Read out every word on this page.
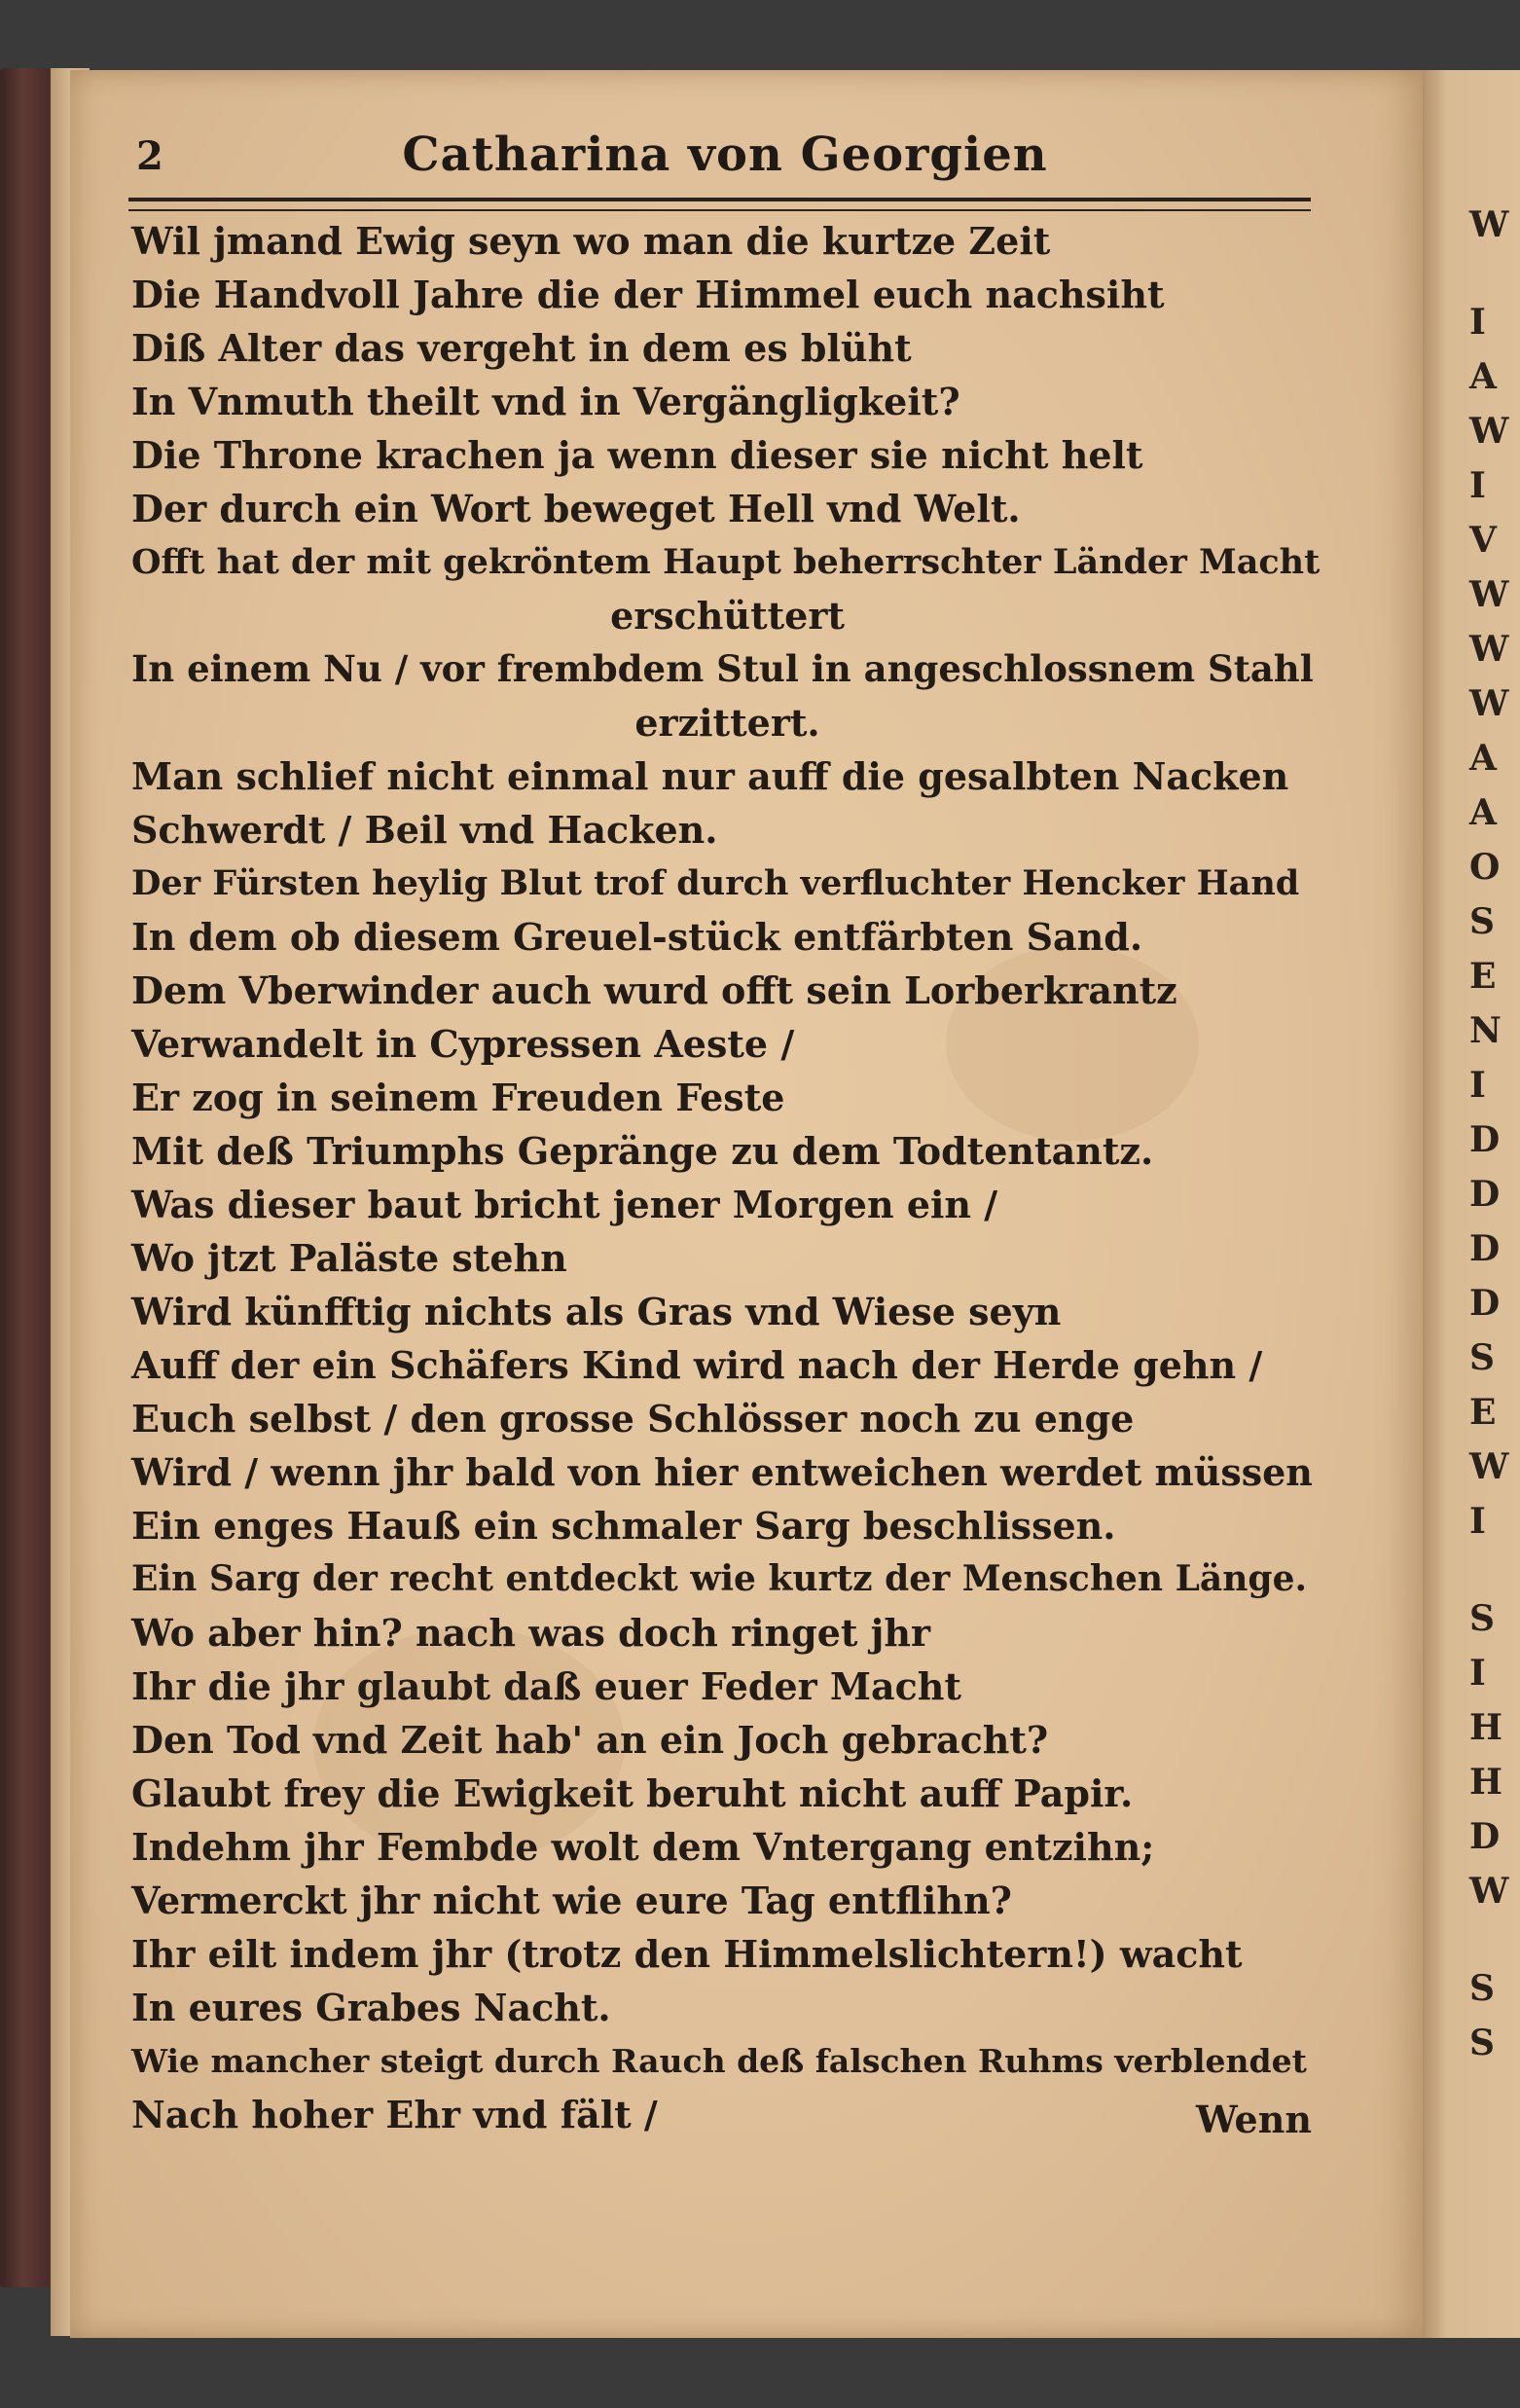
W
I
A
W
I
V
W
W
W
A
A
O
S
E
N
I
D
D
D
D
S
E
W
I
S
I
H
H
D
W
S
S
2	Catharina von Georgien
Wil jmand Ewig seyn wo man die kurtze Zeit
Die Handvoll Jahre die der Himmel euch nachsiht
Diß Alter das vergeht in dem es blüht
In Vnmuth theilt vnd in Vergängligkeit?
Die Throne krachen ja wenn dieser sie nicht helt
Der durch ein Wort beweget Hell vnd Welt.
Offt hat der mit gekröntem Haupt beherrschter Länder Macht
erschüttert
In einem Nu / vor frembdem Stul in angeschlossnem Stahl
erzittert.
Man schlief nicht einmal nur auff die gesalbten Nacken
Schwerdt / Beil vnd Hacken.
Der Fürsten heylig Blut trof durch verfluchter Hencker Hand
In dem ob diesem Greuel-stück entfärbten Sand.
Dem Vberwinder auch wurd offt sein Lorberkrantz
Verwandelt in Cypressen Aeste /
Er zog in seinem Freuden Feste
Mit deß Triumphs Gepränge zu dem Todtentantz.
Was dieser baut bricht jener Morgen ein /
Wo jtzt Paläste stehn
Wird künfftig nichts als Gras vnd Wiese seyn
Auff der ein Schäfers Kind wird nach der Herde gehn /
Euch selbst / den grosse Schlösser noch zu enge
Wird / wenn jhr bald von hier entweichen werdet müssen
Ein enges Hauß ein schmaler Sarg beschlissen.
Ein Sarg der recht entdeckt wie kurtz der Menschen Länge.
Wo aber hin? nach was doch ringet jhr
Ihr die jhr glaubt daß euer Feder Macht
Den Tod vnd Zeit hab' an ein Joch gebracht?
Glaubt frey die Ewigkeit beruht nicht auff Papir.
Indehm jhr Fembde wolt dem Vntergang entzihn;
Vermerckt jhr nicht wie eure Tag entflihn?
Ihr eilt indem jhr (trotz den Himmelslichtern!) wacht
In eures Grabes Nacht.
Wie mancher steigt durch Rauch deß falschen Ruhms verblendet
Nach hoher Ehr vnd fält /	Wenn
